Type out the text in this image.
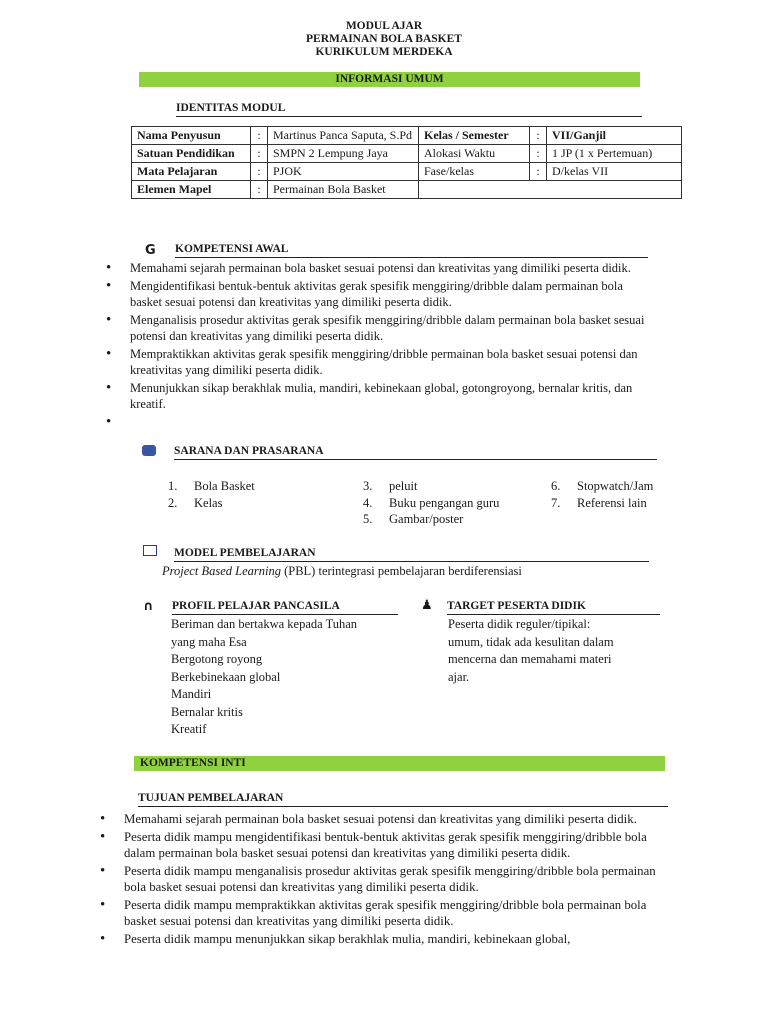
MODUL AJAR
PERMAINAN BOLA BASKET
KURIKULUM MERDEKA
INFORMASI UMUM
IDENTITAS MODUL
Nama Penyusun	:	Martinus Panca Saputa, S.Pd	Kelas / Semester	:	VII/Ganjil
Satuan Pendidikan	:	SMPN 2 Lempung Jaya	Alokasi Waktu	:	1 JP (1 x Pertemuan)
Mata Pelajaran	:	PJOK	Fase/kelas	:	D/kelas VII
Elemen Mapel	:	Permainan Bola Basket			
G KOMPETENSI AWAL
• Memahami sejarah permainan bola basket sesuai potensi dan kreativitas yang dimiliki peserta didik.
• Mengidentifikasi bentuk-bentuk aktivitas gerak spesifik menggiring/dribble dalam permainan bola basket sesuai potensi dan kreativitas yang dimiliki peserta didik.
• Menganalisis prosedur aktivitas gerak spesifik menggiring/dribble dalam permainan bola basket sesuai potensi dan kreativitas yang dimiliki peserta didik.
• Mempraktikkan aktivitas gerak spesifik menggiring/dribble permainan bola basket sesuai potensi dan kreativitas yang dimiliki peserta didik.
• Menunjukkan sikap berakhlak mulia, mandiri, kebinekaan global, gotongroyong, bernalar kritis, dan kreatif.
SARANA DAN PRASARANA
1. Bola Basket
2. Kelas
3. peluit
4. Buku pengangan guru
5. Gambar/poster
6. Stopwatch/Jam
7. Referensi lain
MODEL PEMBELAJARAN
Project Based Learning (PBL) terintegrasi pembelajaran berdiferensiasi
∩ PROFIL PELAJAR PANCASILA
Beriman dan bertakwa kepada Tuhan
yang maha Esa
Bergotong royong
Berkebinekaan global
Mandiri
Bernalar kritis
Kreatif
♟ TARGET PESERTA DIDIK
Peserta didik reguler/tipikal:
umum, tidak ada kesulitan dalam
mencerna dan memahami materi
ajar.
KOMPETENSI INTI
TUJUAN PEMBELAJARAN
• Memahami sejarah permainan bola basket sesuai potensi dan kreativitas yang dimiliki peserta didik.
• Peserta didik mampu mengidentifikasi bentuk-bentuk aktivitas gerak spesifik menggiring/dribble bola dalam permainan bola basket sesuai potensi dan kreativitas yang dimiliki peserta didik.
• Peserta didik mampu menganalisis prosedur aktivitas gerak spesifik menggiring/dribble bola permainan bola basket sesuai potensi dan kreativitas yang dimiliki peserta didik.
• Peserta didik mampu mempraktikkan aktivitas gerak spesifik menggiring/dribble bola permainan bola basket sesuai potensi dan kreativitas yang dimiliki peserta didik.
• Peserta didik mampu menunjukkan sikap berakhlak mulia, mandiri, kebinekaan global,
